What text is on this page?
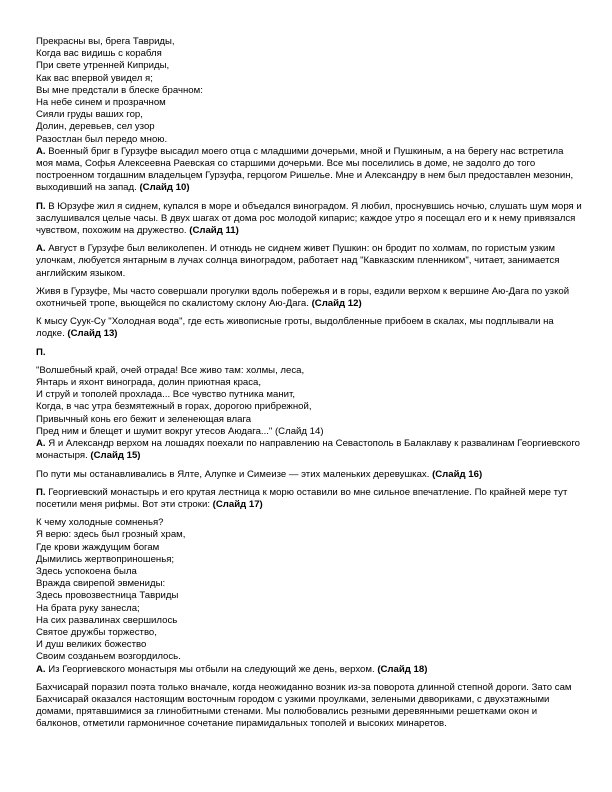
Прекрасны вы, брега Тавриды,
Когда вас видишь с корабля
При свете утренней Киприды,
Как вас впервой увидел я;
Вы мне предстали в блеске брачном:
На небе синем и прозрачном
Сияли груды ваших гор,
Долин, деревьев, сел узор
Разостлан был передо мною.

А. Военный бриг в Гурзуфе высадил моего отца с младшими дочерьми, мной и Пушкиным, а на берегу нас встретила моя мама, Софья Алексеевна Раевская со старшими дочерьми. Все мы поселились в доме, не задолго до того построенном тогдашним владельцем Гурзуфа, герцогом Ришелье. Мне и Александру в нем был предоставлен мезонин, выходивший на запад. (Слайд 10)

П. В Юрзуфе жил я сиднем, купался в море и объедался виноградом. Я любил, проснувшись ночью, слушать шум моря и заслушивался целые часы. В двух шагах от дома рос молодой кипарис; каждое утро я посещал его и к нему привязался чувством, похожим на дружество. (Слайд 11)

А. Август в Гурзуфе был великолепен. И отнюдь не сиднем живет Пушкин: он бродит по холмам, по гористым узким улочкам, любуется янтарным в лучах солнца виноградом, работает над "Кавказским пленником", читает, занимается английским языком.

Живя в Гурзуфе, Мы часто совершали прогулки вдоль побережья и в горы, ездили верхом к вершине Аю-Дага по узкой охотничьей тропе, вьющейся по скалистому склону Аю-Дага. (Слайд 12)

К мысу Суук-Су "Холодная вода", где есть живописные гроты, выдолбленные прибоем в скалах, мы подплывали на лодке. (Слайд 13)

П.

"Волшебный край, очей отрада! Все живо там: холмы, леса,
Янтарь и яхонт винограда, долин приютная краса,
И струй и тополей прохлада... Все чувство путника манит,
Когда, в час утра безмятежный в горах, дорогою прибрежной,
Привычный конь его бежит и зеленеющая влага
Пред ним и блещет и шумит вокруг утесов Аюдага..." (Слайд 14)

А. Я и Александр верхом на лошадях поехали по направлению на Севастополь в Балаклаву к развалинам Георгиевского монастыря. (Слайд 15)

По пути мы останавливались в Ялте, Алупке и Симеизе — этих маленьких деревушках. (Слайд 16)

П. Георгиевский монастырь и его крутая лестница к морю оставили во мне сильное впечатление. По крайней мере тут посетили меня рифмы. Вот эти строки: (Слайд 17)

К чему холодные сомненья?
Я верю: здесь был грозный храм,
Где крови жаждущим богам
Дымились жертвоприношенья;
Здесь успокоена была
Вражда свирепой эвмениды:
Здесь провозвестница Тавриды
На брата руку занесла;
На сих развалинах свершилось
Святое дружбы торжество,
И душ великих божество
Своим созданьем возгордилось.

А. Из Георгиевского монастыря мы отбыли на следующий же день, верхом. (Слайд 18)

Бахчисарай поразил поэта только вначале, когда неожиданно возник из-за поворота длинной степной дороги. Зато сам Бахчисарай оказался настоящим восточным городом с узкими проулками, зелеными дввориками, с двухэтажными домами, прятавшимися за глинобитными стенами. Мы полюбовались резными деревянными решетками окон и балконов, отметили гармоничное сочетание пирамидальных тополей и высоких минаретов.
